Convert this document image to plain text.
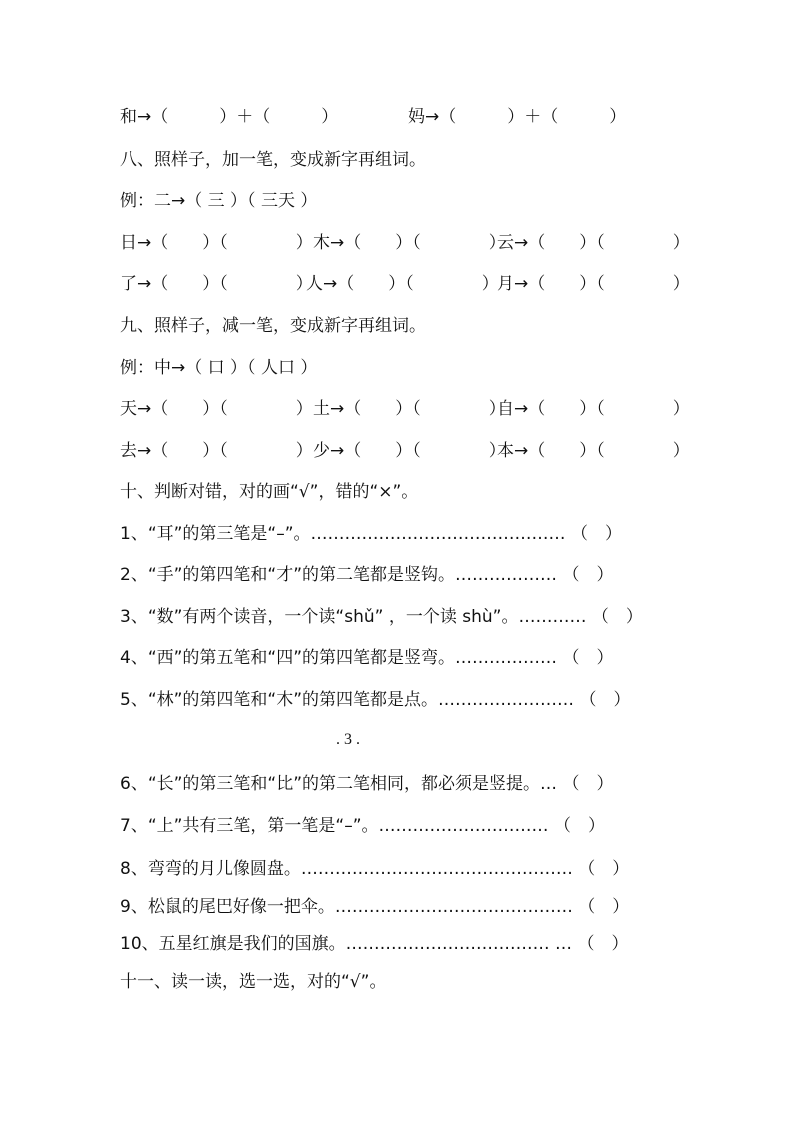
和→（　　　）＋（　　　）	妈→（　　　）＋（　　　）
八、照样子，加一笔，变成新字再组词。
例：二→（ 三 ）（ 三天 ）
日→（　　）（　　　　） 木→（　　）（　　　　）
云→（　　）（　　　　）
了→（　　）（　　　　）
人→（　　）（　　　　）
月→（　　）（　　　　）
九、照样子，减一笔，变成新字再组词。
例：中→（ 口 ）（ 人口 ）
天→（　　）（　　　　） 土→（　　）（　　　　）
自→（　　）（　　　　）
去→（　　）（　　　　） 少→（　　）（　　　　）
本→（　　）（　　　　）
十、判断对错，对的画“√”，错的“×”。
1、“耳”的第三笔是“–”。……………………………………… （　）
2、“手”的第四笔和“才”的第二笔都是竖钩。……………… （　）
3、“数”有两个读音，一个读“shǔ” ，一个读 shù”。………… （　）
4、“西”的第五笔和“四”的第四笔都是竖弯。……………… （　）
5、“林”的第四笔和“木”的第四笔都是点。…………………… （　）
. 3 .
6、“长”的第三笔和“比”的第二笔相同，都必须是竖提。… （　）
7、“上”共有三笔，第一笔是“–”。………………………… （　）
8、弯弯的月儿像圆盘。………………………………………… （　）
9、松鼠的尾巴好像一把伞。…………………………………… （　）
10、五星红旗是我们的国旗。……………………………… … （　）
十一、读一读，选一选，对的“√”。
